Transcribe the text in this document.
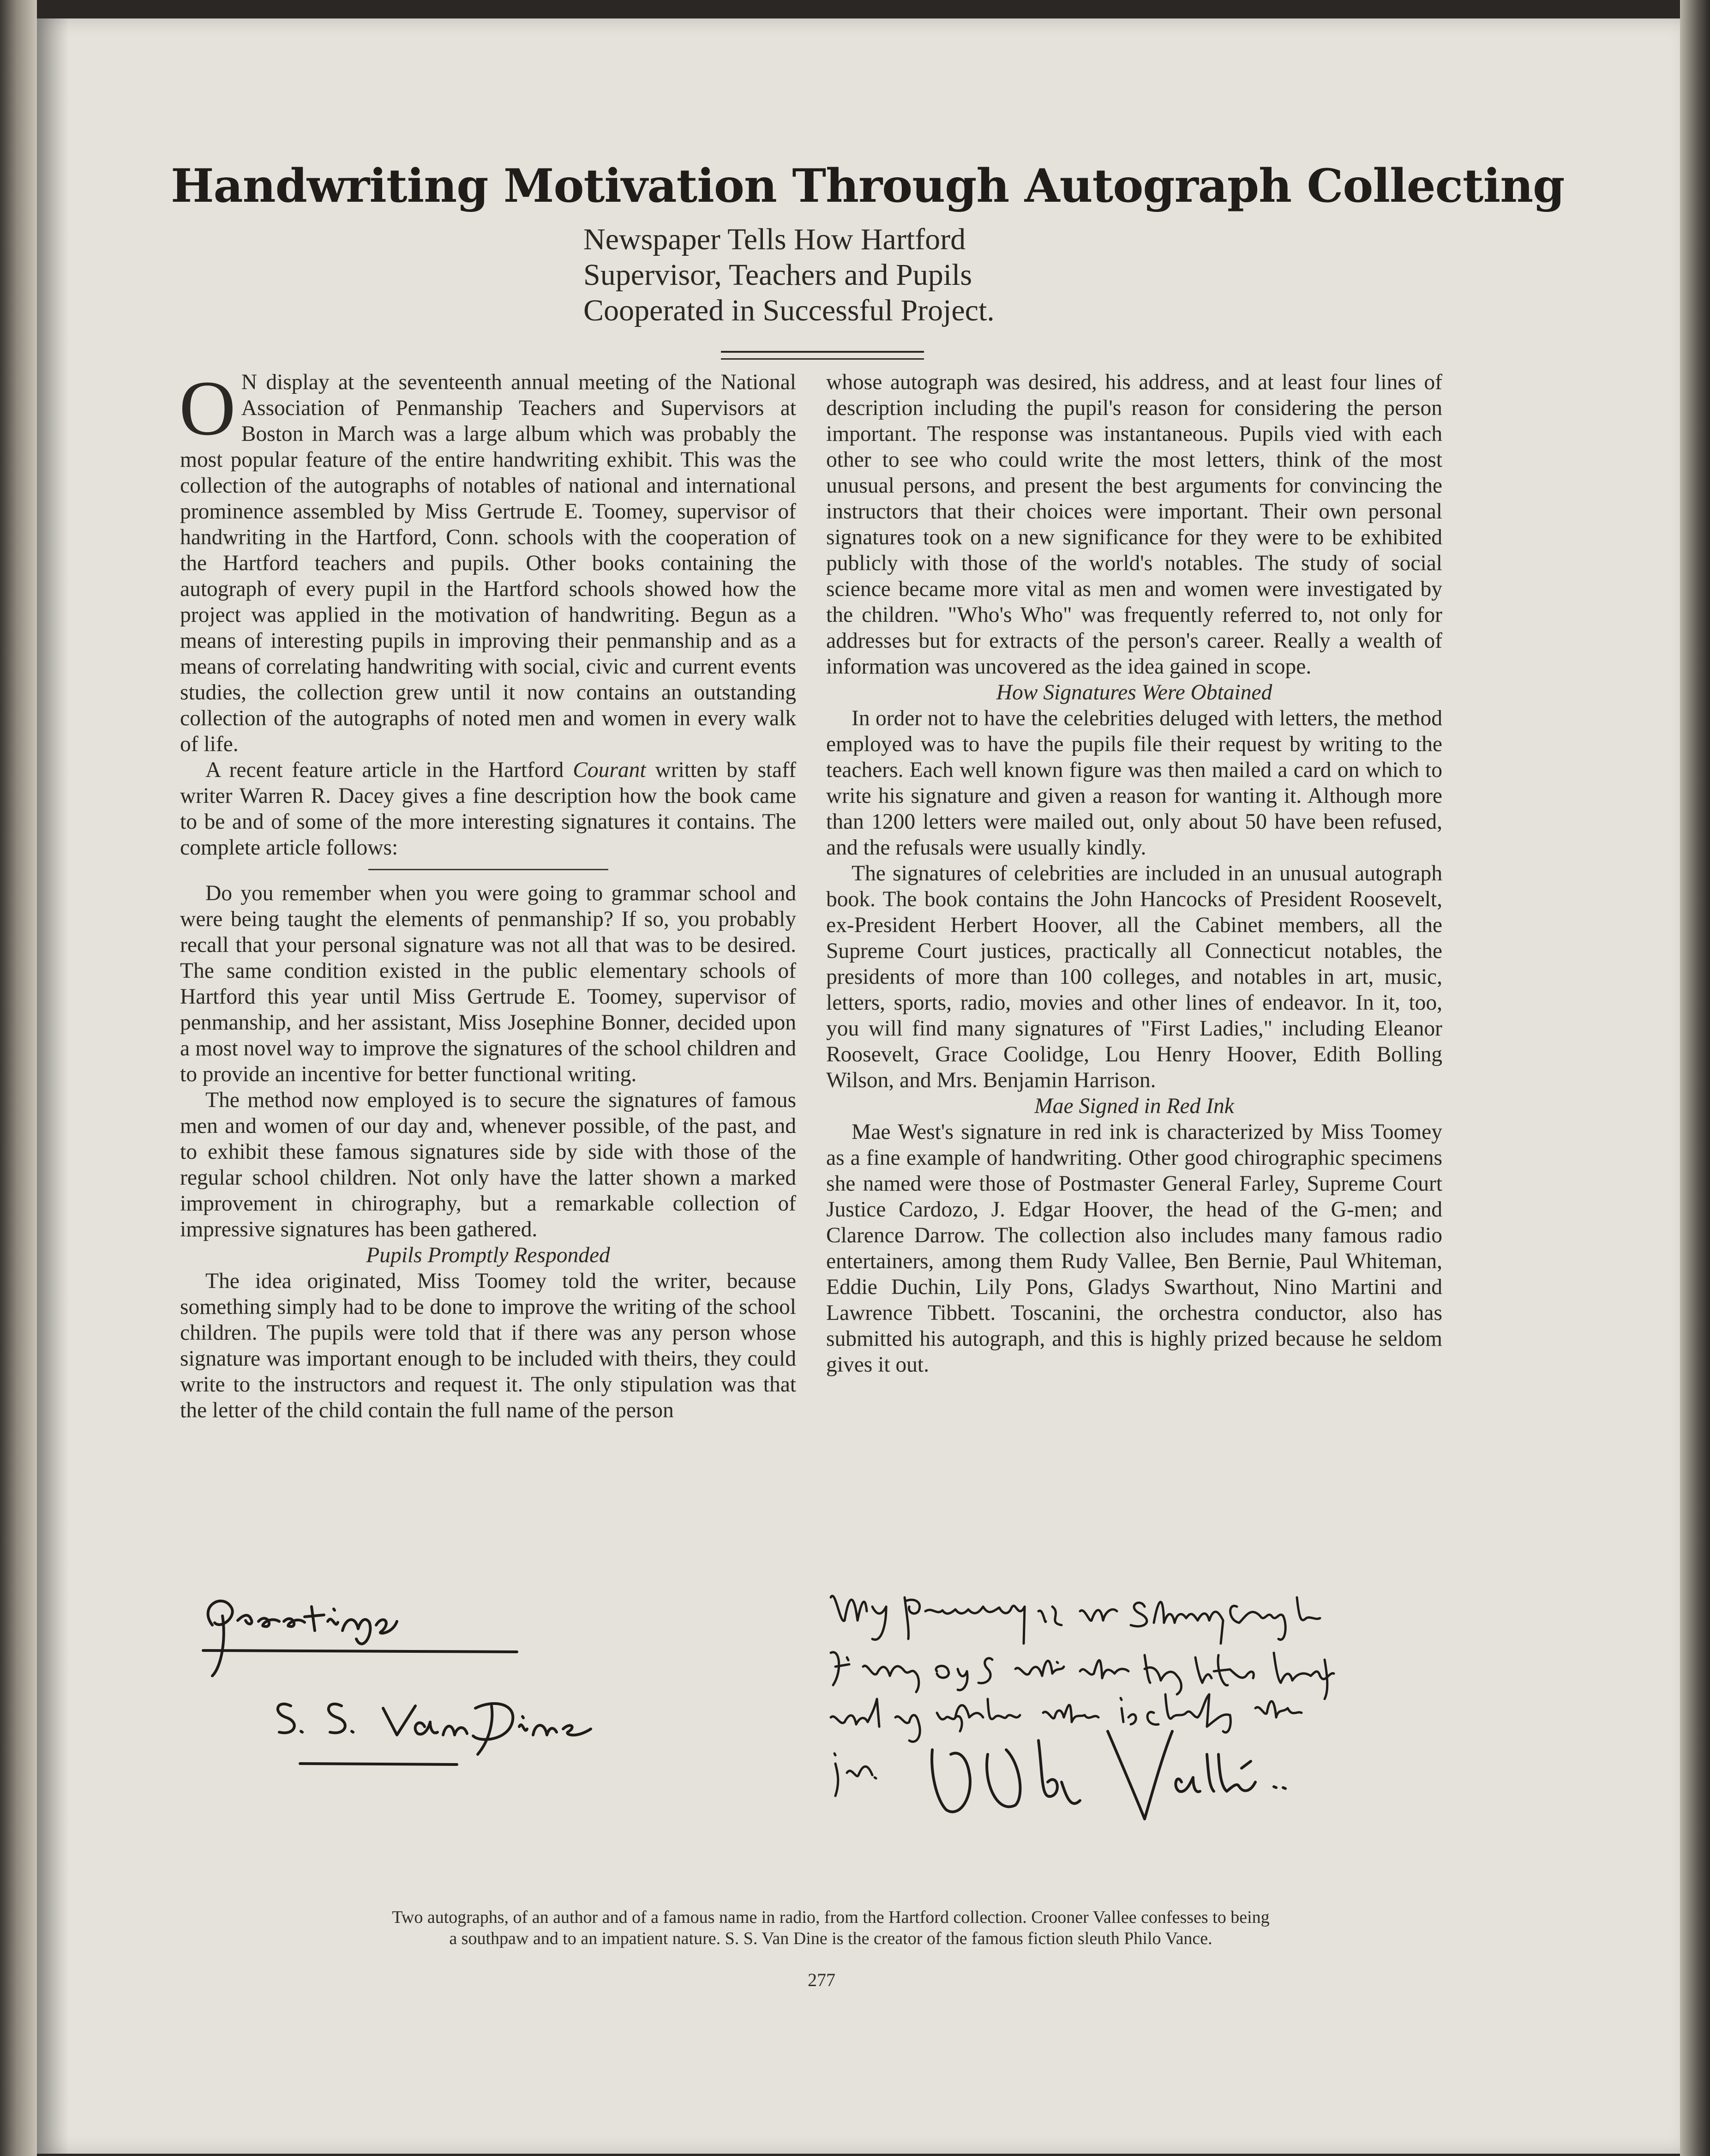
Handwriting Motivation Through Autograph Collecting
Newspaper Tells How Hartford
Supervisor, Teachers and Pupils
Cooperated in Successful Project.

O N display at the seventeenth annual meeting of the National Association of Penmanship Teachers and Supervisors at Boston in March was a large album which was probably the most popular feature of the entire handwriting exhibit. This was the collection of the autographs of notables of national and international prominence assembled by Miss Gertrude E. Toomey, supervisor of handwriting in the Hartford, Conn. schools with the cooperation of the Hartford teachers and pupils. Other books containing the autograph of every pupil in the Hartford schools showed how the project was applied in the motivation of handwriting. Begun as a means of interesting pupils in improving their penmanship and as a means of correlating handwriting with social, civic and current events studies, the collection grew until it now contains an outstanding collection of the autographs of noted men and women in every walk of life.

A recent feature article in the Hartford Courant written by staff writer Warren R. Dacey gives a fine description how the book came to be and of some of the more interesting signatures it contains. The complete article follows:

Do you remember when you were going to grammar school and were being taught the elements of penmanship? If so, you probably recall that your personal signature was not all that was to be desired. The same condition existed in the public elementary schools of Hartford this year until Miss Gertrude E. Toomey, supervisor of penmanship, and her assistant, Miss Josephine Bonner, decided upon a most novel way to improve the signatures of the school children and to provide an incentive for better functional writing.

The method now employed is to secure the signatures of famous men and women of our day and, whenever possible, of the past, and to exhibit these famous signatures side by side with those of the regular school children. Not only have the latter shown a marked improvement in chirography, but a remarkable collection of impressive signatures has been gathered.

Pupils Promptly Responded

The idea originated, Miss Toomey told the writer, because something simply had to be done to improve the writing of the school children. The pupils were told that if there was any person whose signature was important enough to be included with theirs, they could write to the instructors and request it. The only stipulation was that the letter of the child contain the full name of the person

whose autograph was desired, his address, and at least four lines of description including the pupil's reason for considering the person important. The response was instantaneous. Pupils vied with each other to see who could write the most letters, think of the most unusual persons, and present the best arguments for convincing the instructors that their choices were important. Their own personal signatures took on a new significance for they were to be exhibited publicly with those of the world's notables. The study of social science became more vital as men and women were investigated by the children. "Who's Who" was frequently referred to, not only for addresses but for extracts of the person's career. Really a wealth of information was uncovered as the idea gained in scope.

How Signatures Were Obtained

In order not to have the celebrities deluged with letters, the method employed was to have the pupils file their request by writing to the teachers. Each well known figure was then mailed a card on which to write his signature and given a reason for wanting it. Although more than 1200 letters were mailed out, only about 50 have been refused, and the refusals were usually kindly.

The signatures of celebrities are included in an unusual autograph book. The book contains the John Hancocks of President Roosevelt, ex-President Herbert Hoover, all the Cabinet members, all the Supreme Court justices, practically all Connecticut notables, the presidents of more than 100 colleges, and notables in art, music, letters, sports, radio, movies and other lines of endeavor. In it, too, you will find many signatures of "First Ladies," including Eleanor Roosevelt, Grace Coolidge, Lou Henry Hoover, Edith Bolling Wilson, and Mrs. Benjamin Harrison.

Mae Signed in Red Ink

Mae West's signature in red ink is characterized by Miss Toomey as a fine example of handwriting. Other good chirographic specimens she named were those of Postmaster General Farley, Supreme Court Justice Cardozo, J. Edgar Hoover, the head of the G-men; and Clarence Darrow. The collection also includes many famous radio entertainers, among them Rudy Vallee, Ben Bernie, Paul Whiteman, Eddie Duchin, Lily Pons, Gladys Swarthout, Nino Martini and Lawrence Tibbett. Toscanini, the orchestra conductor, also has submitted his autograph, and this is highly prized because he seldom gives it out.

Two autographs, of an author and of a famous name in radio, from the Hartford collection. Crooner Vallee confesses to being
a southpaw and to an impatient nature. S. S. Van Dine is the creator of the famous fiction sleuth Philo Vance.
277
